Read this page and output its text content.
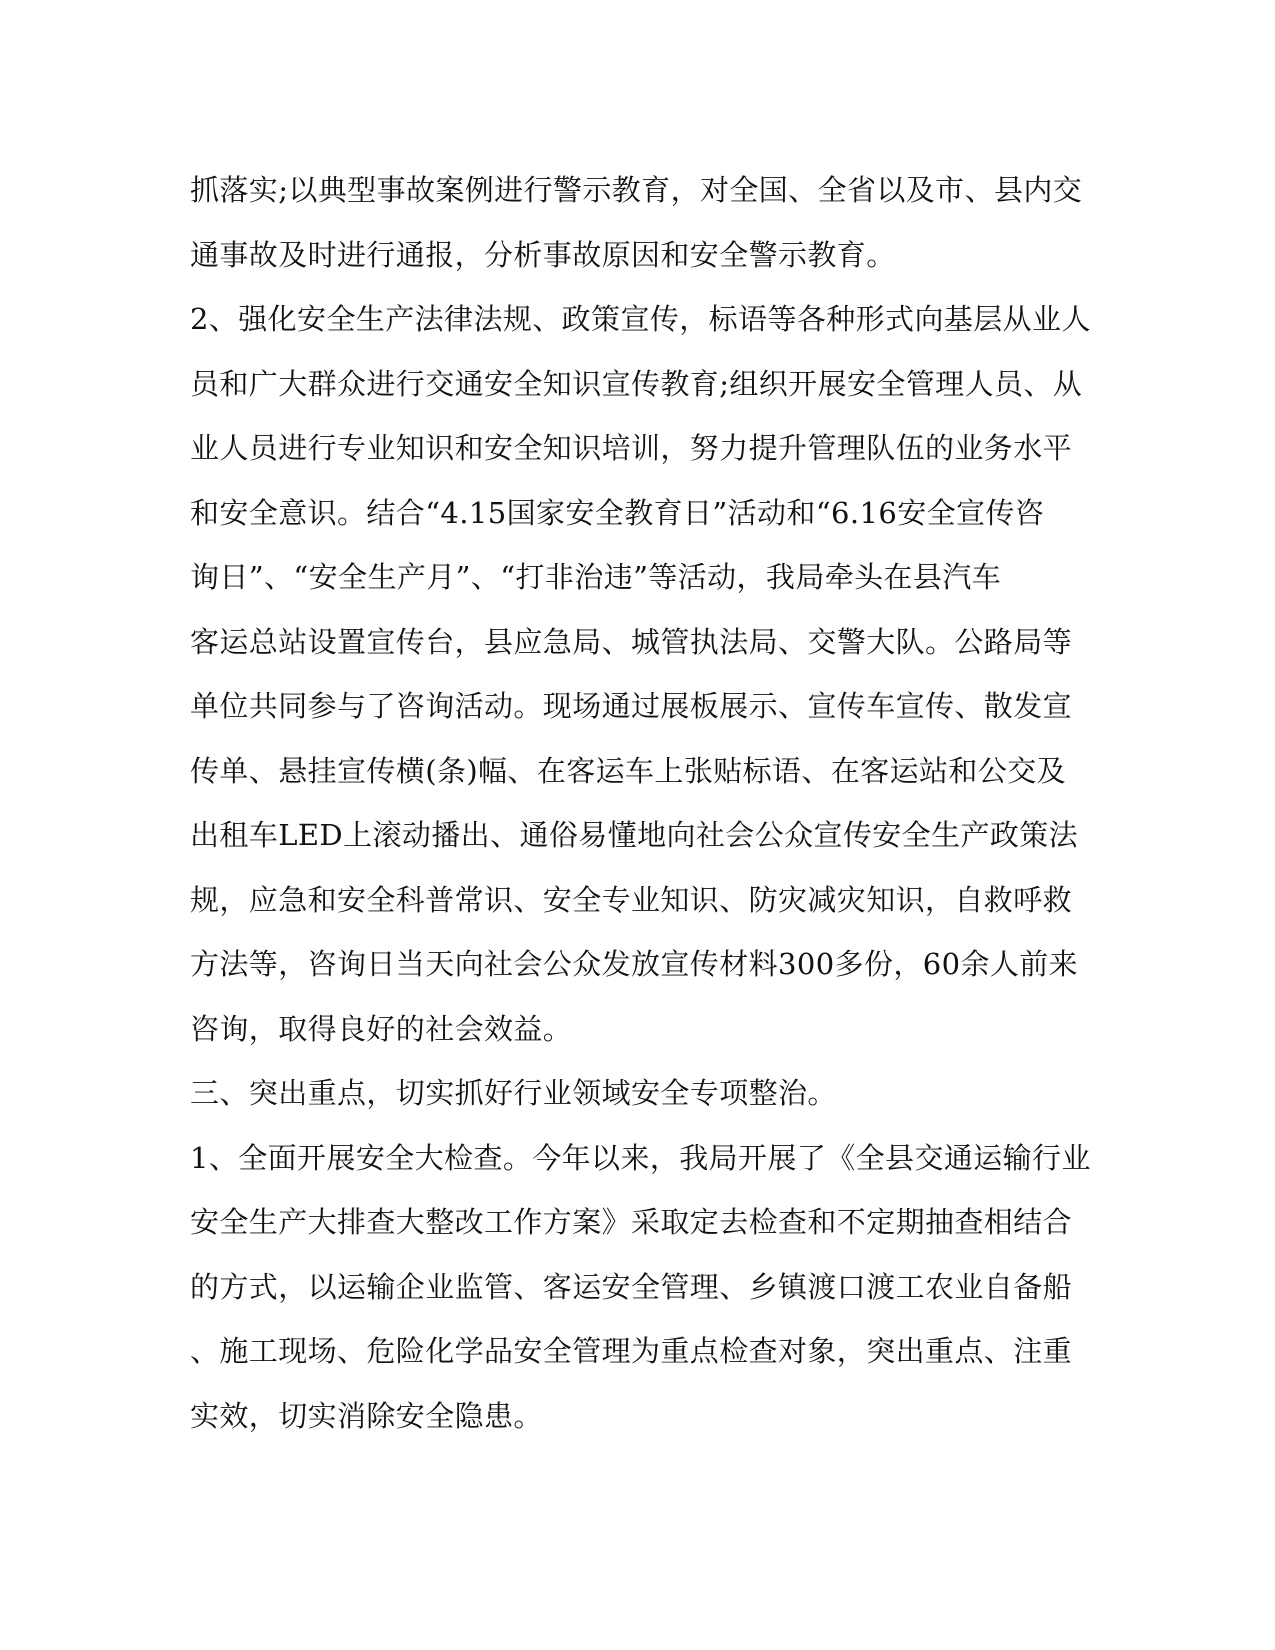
抓落实;以典型事故案例进行警示教育，对全国、全省以及市、县内交
通事故及时进行通报，分析事故原因和安全警示教育。
2、强化安全生产法律法规、政策宣传，标语等各种形式向基层从业人
员和广大群众进行交通安全知识宣传教育;组织开展安全管理人员、从
业人员进行专业知识和安全知识培训，努力提升管理队伍的业务水平
和安全意识。结合“4.15国家安全教育日”活动和“6.16安全宣传咨
询日”、“安全生产月”、“打非治违”等活动，我局牵头在县汽车
客运总站设置宣传台，县应急局、城管执法局、交警大队。公路局等
单位共同参与了咨询活动。现场通过展板展示、宣传车宣传、散发宣
传单、悬挂宣传横(条)幅、在客运车上张贴标语、在客运站和公交及
出租车LED上滚动播出、通俗易懂地向社会公众宣传安全生产政策法
规，应急和安全科普常识、安全专业知识、防灾减灾知识，自救呼救
方法等，咨询日当天向社会公众发放宣传材料300多份，60余人前来
咨询，取得良好的社会效益。
三、突出重点，切实抓好行业领域安全专项整治。
1、全面开展安全大检查。今年以来，我局开展了《全县交通运输行业
安全生产大排查大整改工作方案》采取定去检查和不定期抽查相结合
的方式，以运输企业监管、客运安全管理、乡镇渡口渡工农业自备船
、施工现场、危险化学品安全管理为重点检查对象，突出重点、注重
实效，切实消除安全隐患。
